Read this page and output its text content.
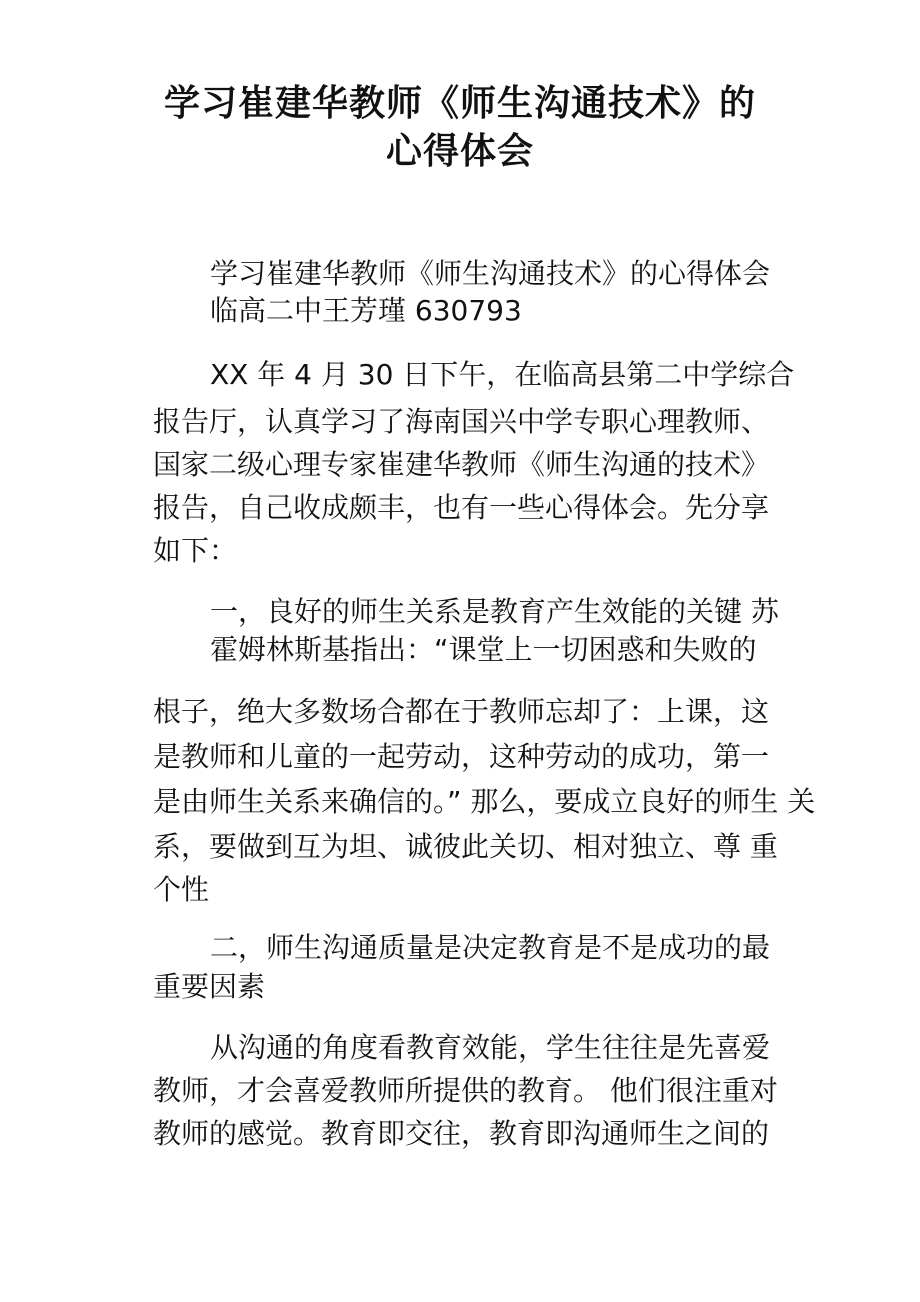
学习崔建华教师《师生沟通技术》的
心得体会

学习崔建华教师《师生沟通技术》的心得体会

临高二中王芳瑾 630793

XX 年 4 月 30 日下午，在临高县第二中学综合

报告厅，认真学习了海南国兴中学专职心理教师、

国家二级心理专家崔建华教师《师生沟通的技术》

报告，自己收成颇丰，也有一些心得体会。先分享

如下：

一，良好的师生关系是教育产生效能的关键 苏

霍姆林斯基指出：“课堂上一切困惑和失败的

根子，绝大多数场合都在于教师忘却了：上课，这

是教师和儿童的一起劳动，这种劳动的成功，第一

是由师生关系来确信的。” 那么，要成立良好的师生 关

系，要做到互为坦、诚彼此关切、相对独立、尊 重

个性

二，师生沟通质量是决定教育是不是成功的最

重要因素

从沟通的角度看教育效能，学生往往是先喜爱

教师，才会喜爱教师所提供的教育。 他们很注重对

教师的感觉。教育即交往，教育即沟通师生之间的
